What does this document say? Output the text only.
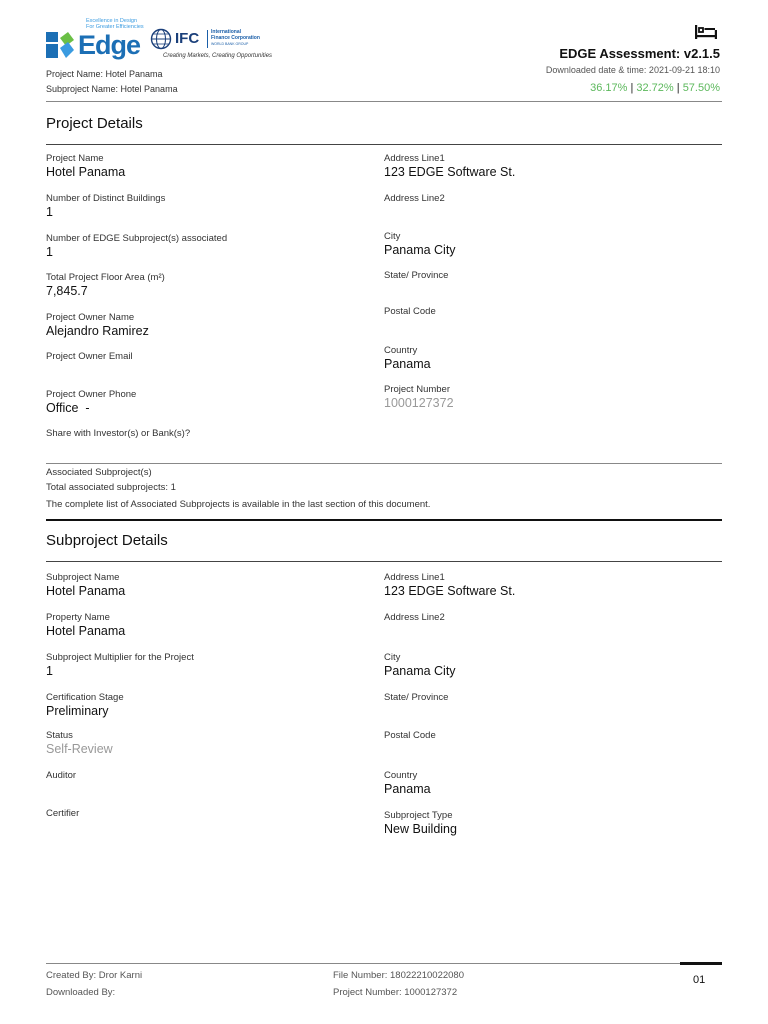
Edge
Excellence in Design
For Greater Efficiencies
IFC International
Finance Corporation
WORLD BANK GROUP
Creating Markets, Creating Opportunities
Project Name: Hotel Panama
Subproject Name: Hotel Panama
EDGE Assessment: v2.1.5
Downloaded date & time: 2021-09-21 18:10
36.17% | 32.72% | 57.50%
Project Details
Project Name
Hotel Panama
Number of Distinct Buildings
1
Number of EDGE Subproject(s) associated
1
Total Project Floor Area (m²)
7,845.7
Project Owner Name
Alejandro Ramirez
Project Owner Email
Project Owner Phone
Office  -
Share with Investor(s) or Bank(s)?
Address Line1
123 EDGE Software St.
Address Line2
City
Panama City
State/ Province
Postal Code
Country
Panama
Project Number
1000127372
Associated Subproject(s)
Total associated subprojects: 1
The complete list of Associated Subprojects is available in the last section of this document.
Subproject Details
Subproject Name
Hotel Panama
Property Name
Hotel Panama
Subproject Multiplier for the Project
1
Certification Stage
Preliminary
Status
Self-Review
Auditor
Certifier
Address Line1
123 EDGE Software St.
Address Line2
City
Panama City
State/ Province
Postal Code
Country
Panama
Subproject Type
New Building
Created By: Dror Karni
Downloaded By:
File Number: 18022210022080
Project Number: 1000127372
01
